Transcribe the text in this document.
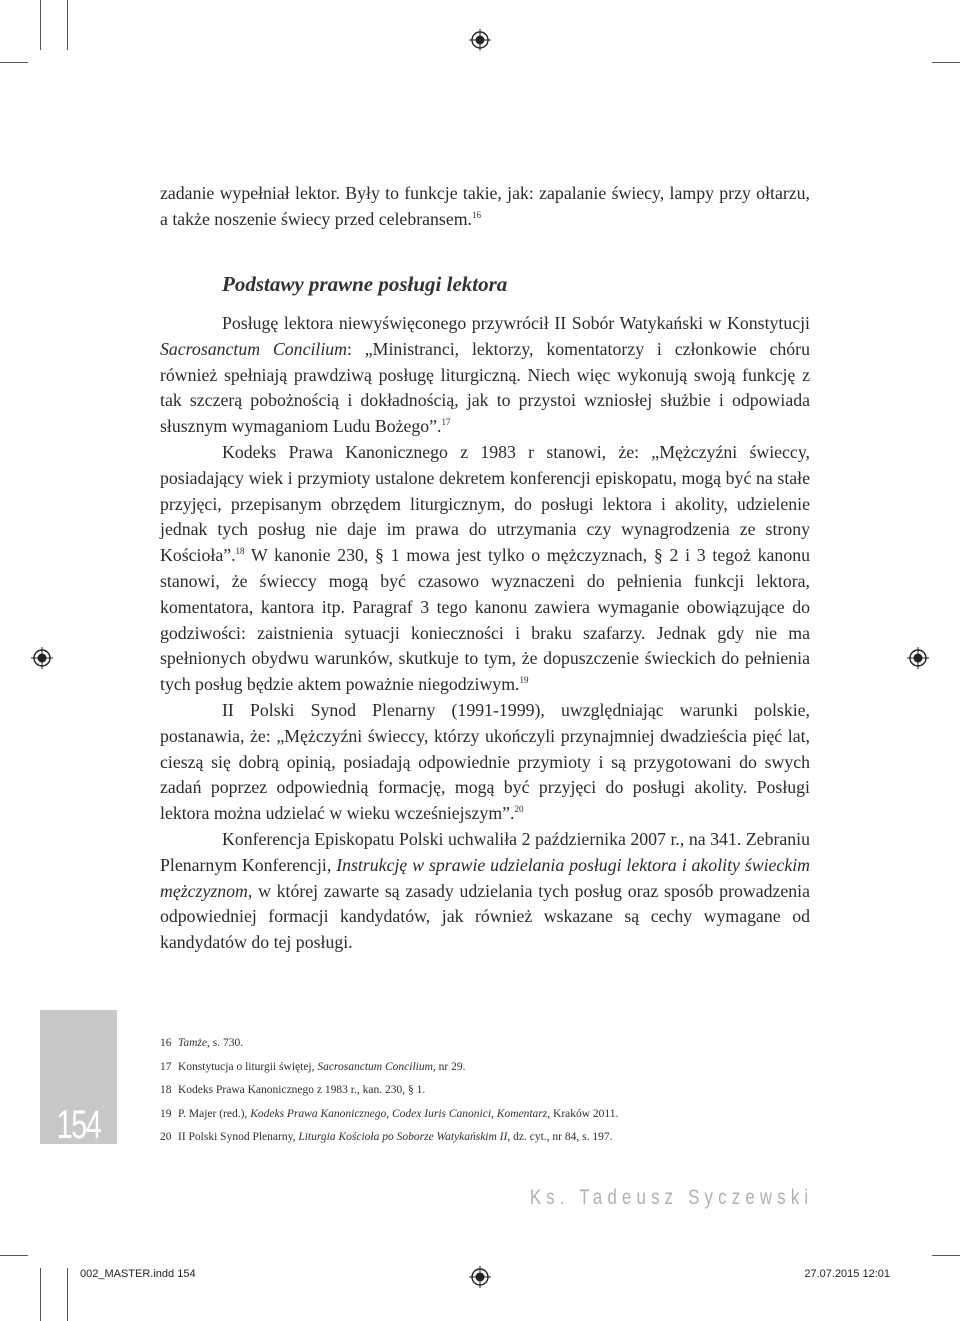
zadanie wypełniał lektor. Były to funkcje takie, jak: zapalanie świecy, lampy przy ołtarzu, a także noszenie świecy przed celebransem.$^{16}$

Podstawy prawne posługi lektora

Posługę lektora niewyświęconego przywrócił II Sobór Watykański w Konstytucji Sacrosanctum Concilium: „Ministranci, lektorzy, komentatorzy i członkowie chóru również spełniają prawdziwą posługę liturgiczną. Niech więc wykonują swoją funkcję z tak szczerą pobożnością i dokładnością, jak to przystoi wzniosłej służbie i odpowiada słusznym wymaganiom Ludu Bożego”.$^{17}$

Kodeks Prawa Kanonicznego z 1983 r stanowi, że: „Mężczyźni świeccy, posiadający wiek i przymioty ustalone dekretem konferencji episkopatu, mogą być na stałe przyjęci, przepisanym obrzędem liturgicznym, do posługi lektora i akolity, udzielenie jednak tych posług nie daje im prawa do utrzymania czy wynagrodzenia ze strony Kościoła”.$^{18}$ W kanonie 230, § 1 mowa jest tylko o mężczyznach, § 2 i 3 tegoż kanonu stanowi, że świeccy mogą być czasowo wyznaczeni do pełnienia funkcji lektora, komentatora, kantora itp. Paragraf 3 tego kanonu zawiera wymaganie obowiązujące do godziwości: zaistnienia sytuacji konieczności i braku szafarzy. Jednak gdy nie ma spełnionych obydwu warunków, skutkuje to tym, że dopuszczenie świeckich do pełnienia tych posług będzie aktem poważnie niegodziwym.$^{19}$

II Polski Synod Plenarny (1991-1999), uwzględniając warunki polskie, postanawia, że: „Mężczyźni świeccy, którzy ukończyli przynajmniej dwadzieścia pięć lat, cieszą się dobrą opinią, posiadają odpowiednie przymioty i są przygotowani do swych zadań poprzez odpowiednią formację, mogą być przyjęci do posługi akolity. Posługi lektora można udzielać w wieku wcześniejszym”.$^{20}$

Konferencja Episkopatu Polski uchwaliła 2 października 2007 r., na 341. Zebraniu Plenarnym Konferencji, Instrukcję w sprawie udzielania posługi lektora i akolity świeckim mężczyznom, w której zawarte są zasady udzielania tych posług oraz sposób prowadzenia odpowiedniej formacji kandydatów, jak również wskazane są cechy wymagane od kandydatów do tej posługi.

154

16 Tamże, s. 730.

17 Konstytucja o liturgii świętej, Sacrosanctum Concilium, nr 29.

18 Kodeks Prawa Kanonicznego z 1983 r., kan. 230, § 1.

19 P. Majer (red.), Kodeks Prawa Kanonicznego, Codex Iuris Canonici, Komentarz, Kraków 2011.

20 II Polski Synod Plenarny, Liturgia Kościoła po Soborze Watykańskim II, dz. cyt., nr 84, s. 197.

Ks. Tadeusz Syczewski
002_MASTER.indd 154	27.07.2015 12:01
